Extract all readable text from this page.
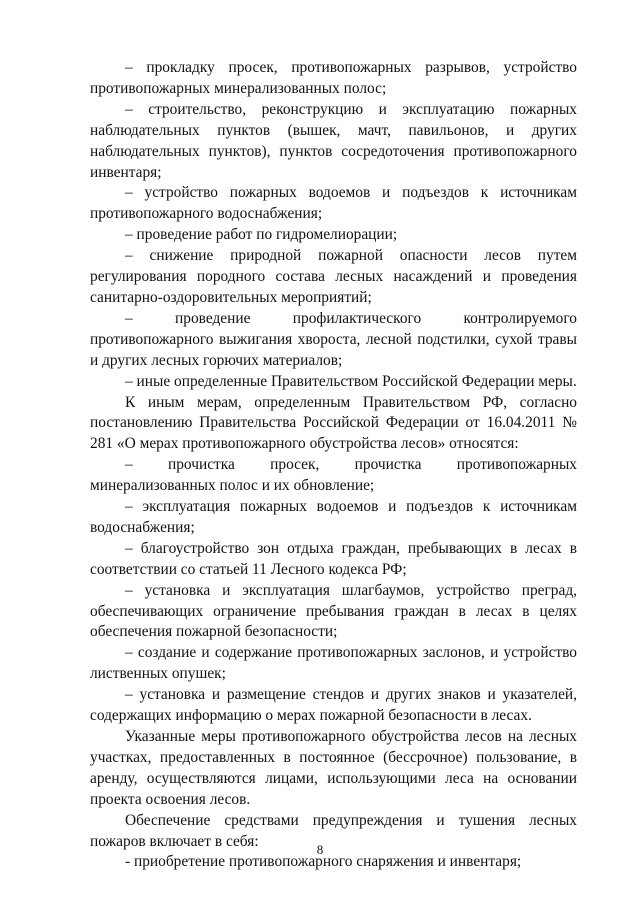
– прокладку просек, противопожарных разрывов, устройство противопожарных минерализованных полос;

– строительство, реконструкцию и эксплуатацию пожарных наблюдательных пунктов (вышек, мачт, павильонов, и других наблюдательных пунктов), пунктов сосредоточения противопожарного инвентаря;

– устройство пожарных водоемов и подъездов к источникам противопожарного водоснабжения;

– проведение работ по гидромелиорации;

– снижение природной пожарной опасности лесов путем регулирования породного состава лесных насаждений и проведения санитарно-оздоровительных мероприятий;

– проведение профилактического контролируемого противопожарного выжигания хвороста, лесной подстилки, сухой травы и других лесных горючих материалов;

– иные определенные Правительством Российской Федерации меры.

К иным мерам, определенным Правительством РФ, согласно постановлению Правительства Российской Федерации от 16.04.2011 № 281 «О мерах противопожарного обустройства лесов» относятся:

– прочистка просек, прочистка противопожарных минерализованных полос и их обновление;

– эксплуатация пожарных водоемов и подъездов к источникам водоснабжения;

– благоустройство зон отдыха граждан, пребывающих в лесах в соответствии со статьей 11 Лесного кодекса РФ;

– установка и эксплуатация шлагбаумов, устройство преград, обеспечивающих ограничение пребывания граждан в лесах в целях обеспечения пожарной безопасности;

– создание и содержание противопожарных заслонов, и устройство лиственных опушек;

– установка и размещение стендов и других знаков и указателей, содержащих информацию о мерах пожарной безопасности в лесах.

Указанные меры противопожарного обустройства лесов на лесных участках, предоставленных в постоянное (бессрочное) пользование, в аренду, осуществляются лицами, использующими леса на основании проекта освоения лесов.

Обеспечение средствами предупреждения и тушения лесных пожаров включает в себя:

- приобретение противопожарного снаряжения и инвентаря;

8
